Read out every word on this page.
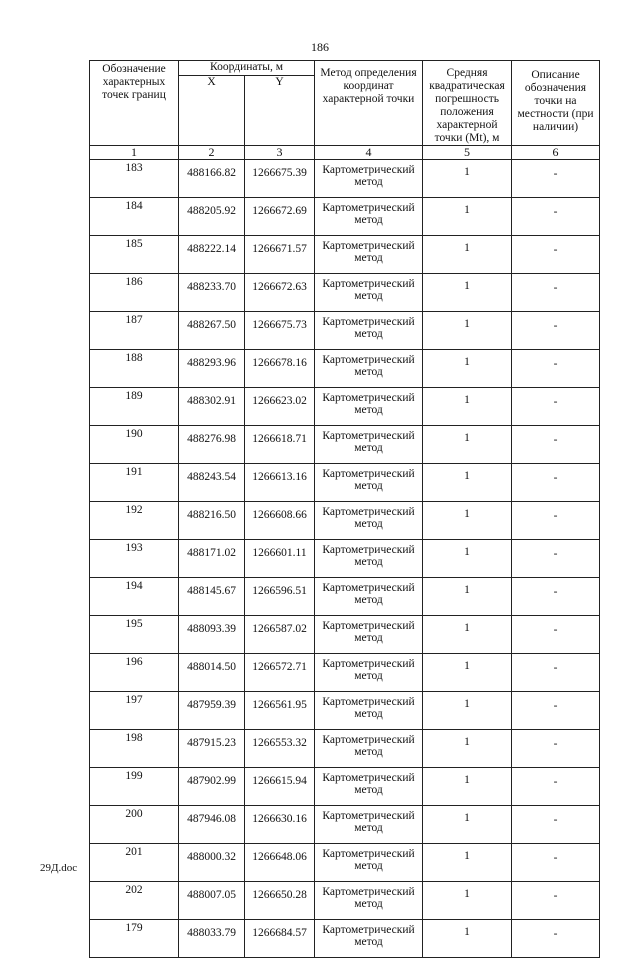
186
Обозначение характерных точек границ	Координаты, м		Метод определения координат характерной точки	Средняя квадратическая погрешность положения характерной точки (Mt), м	Описание обозначения точки на местности (при наличии)

	X	Y			
1	2	3	4	5	6
183	488166.82	1266675.39	Картометрический метод	1	-
184	488205.92	1266672.69	Картометрический метод	1	-
185	488222.14	1266671.57	Картометрический метод	1	-
186	488233.70	1266672.63	Картометрический метод	1	-
187	488267.50	1266675.73	Картометрический метод	1	-
188	488293.96	1266678.16	Картометрический метод	1	-
189	488302.91	1266623.02	Картометрический метод	1	-
190	488276.98	1266618.71	Картометрический метод	1	-
191	488243.54	1266613.16	Картометрический метод	1	-
192	488216.50	1266608.66	Картометрический метод	1	-
193	488171.02	1266601.11	Картометрический метод	1	-
194	488145.67	1266596.51	Картометрический метод	1	-
195	488093.39	1266587.02	Картометрический метод	1	-
196	488014.50	1266572.71	Картометрический метод	1	-
197	487959.39	1266561.95	Картометрический метод	1	-
198	487915.23	1266553.32	Картометрический метод	1	-
199	487902.99	1266615.94	Картометрический метод	1	-
200	487946.08	1266630.16	Картометрический метод	1	-
201	488000.32	1266648.06	Картометрический метод	1	-
202	488007.05	1266650.28	Картометрический метод	1	-
179	488033.79	1266684.57	Картометрический метод	1	-
29Д.doc
